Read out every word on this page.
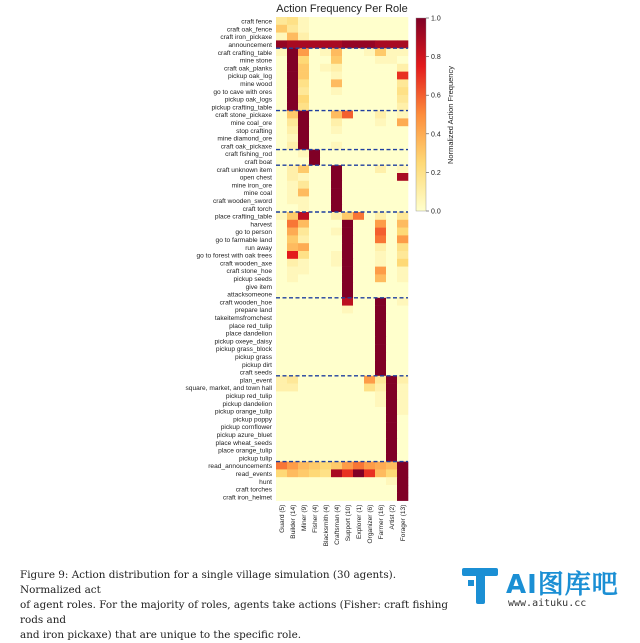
Action Frequency Per Role
craft fence
craft oak_fence
craft iron_pickaxe
announcement
craft crafting_table
mine stone
craft oak_planks
pickup oak_log
mine wood
go to cave with ores
pickup oak_logs
pickup crafting_table
craft stone_pickaxe
mine coal_ore
stop crafting
mine diamond_ore
craft oak_pickaxe
craft fishing_rod
craft boat
craft unknown item
open chest
mine iron_ore
mine coal
craft wooden_sword
craft torch
place crafting_table
harvest
go to person
go to farmable land
run away
go to forest with oak trees
craft wooden_axe
craft stone_hoe
pickup seeds
give item
attacksomeone
craft wooden_hoe
prepare land
takeitemsfromchest
place red_tulip
place dandelion
pickup oxeye_daisy
pickup grass_block
pickup grass
pickup dirt
craft seeds
plan_event
square, market, and town hall
pickup red_tulip
pickup dandelion
pickup orange_tulip
pickup poppy
pickup cornflower
pickup azure_bluet
place wheat_seeds
place orange_tulip
pickup tulip
read_announcements
read_events
hunt
craft torches
craft iron_helmet
Guard (5) Builder (14) Miner (9) Fisher (4) Blacksmith (4) Craftsman (4) Support (10) Explorer (1) Organizer (6) Farmer (16) Artist (2) Forager (13)
0.0
0.2
0.4
0.6
0.8
1.0
Normalized Action Frequency

Figure 9: Action distribution for a single village simulation (30 agents). Normalized act

of agent roles. For the majority of roles, agents take actions (Fisher: craft fishing rods and

and iron pickaxe) that are unique to the specific role.

AI图库吧
www.aituku.cc
